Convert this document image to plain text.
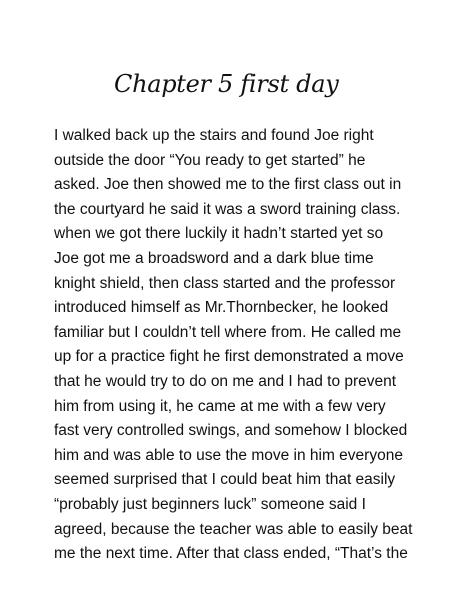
Chapter 5 first day
I walked back up the stairs and found Joe right
outside the door “You ready to get started” he
asked. Joe then showed me to the first class out in
the courtyard he said it was a sword training class.
when we got there luckily it hadn’t started yet so
Joe got me a broadsword and a dark blue time
knight shield, then class started and the professor
introduced himself as Mr.Thornbecker, he looked
familiar but I couldn’t tell where from. He called me
up for a practice fight he first demonstrated a move
that he would try to do on me and I had to prevent
him from using it, he came at me with a few very
fast very controlled swings, and somehow I blocked
him and was able to use the move in him everyone
seemed surprised that I could beat him that easily
“probably just beginners luck” someone said I
agreed, because the teacher was able to easily beat
me the next time. After that class ended, “That’s the
